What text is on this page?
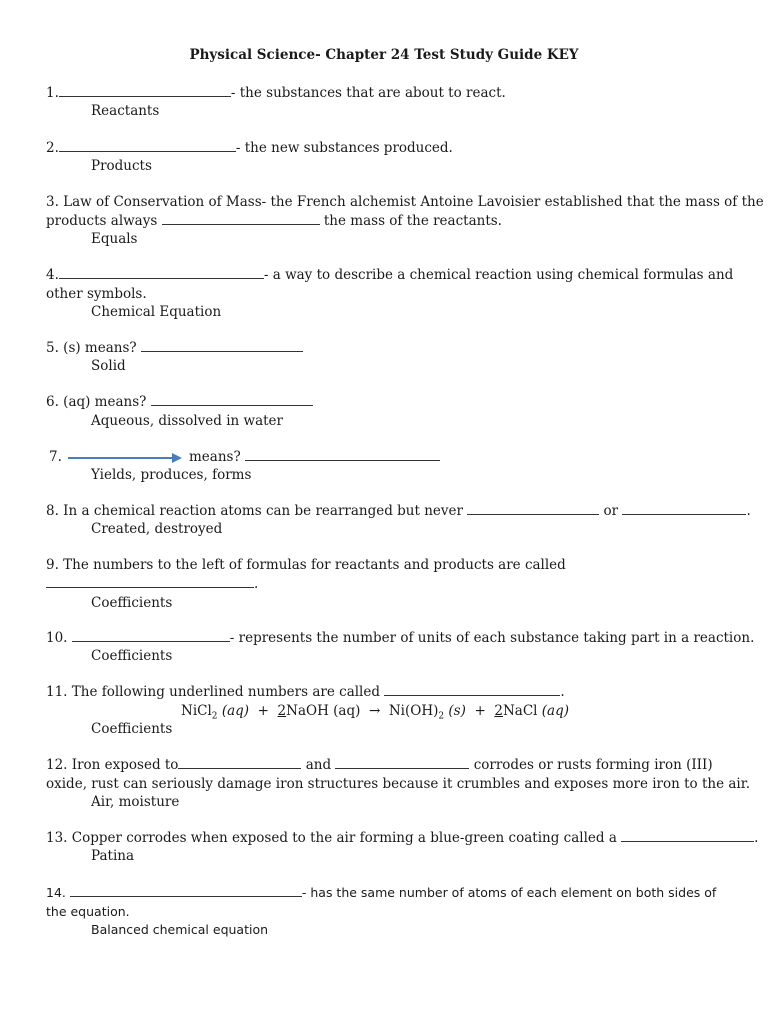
Physical Science- Chapter 24 Test Study Guide KEY
1.	- the substances that are about to react.
Reactants
2.	- the new substances produced.
Products
3. Law of Conservation of Mass- the French alchemist Antoine Lavoisier established that the mass of the
products always	the mass of the reactants.
Equals
4.	- a way to describe a chemical reaction using chemical formulas and
other symbols.
Chemical Equation
5. (s) means?
Solid
6. (aq) means?
Aqueous, dissolved in water
7.	means?
Yields, produces, forms
8. In a chemical reaction atoms can be rearranged but never	or	.
Created, destroyed
9. The numbers to the left of formulas for reactants and products are called
.
Coefficients
10.	- represents the number of units of each substance taking part in a reaction.
Coefficients
11. The following underlined numbers are called	.
NiCl$_2$ (aq) + 2NaOH $(aq) \to Ni(OH)_2$ (s) + 2NaCl (aq)
Coefficients
12. Iron exposed to	and	corrodes or rusts forming iron (III)
oxide, rust can seriously damage iron structures because it crumbles and exposes more iron to the air.
Air, moisture
13. Copper corrodes when exposed to the air forming a blue-green coating called a	.
Patina
14.	- has the same number of atoms of each element on both sides of
the equation.
Balanced chemical equation
